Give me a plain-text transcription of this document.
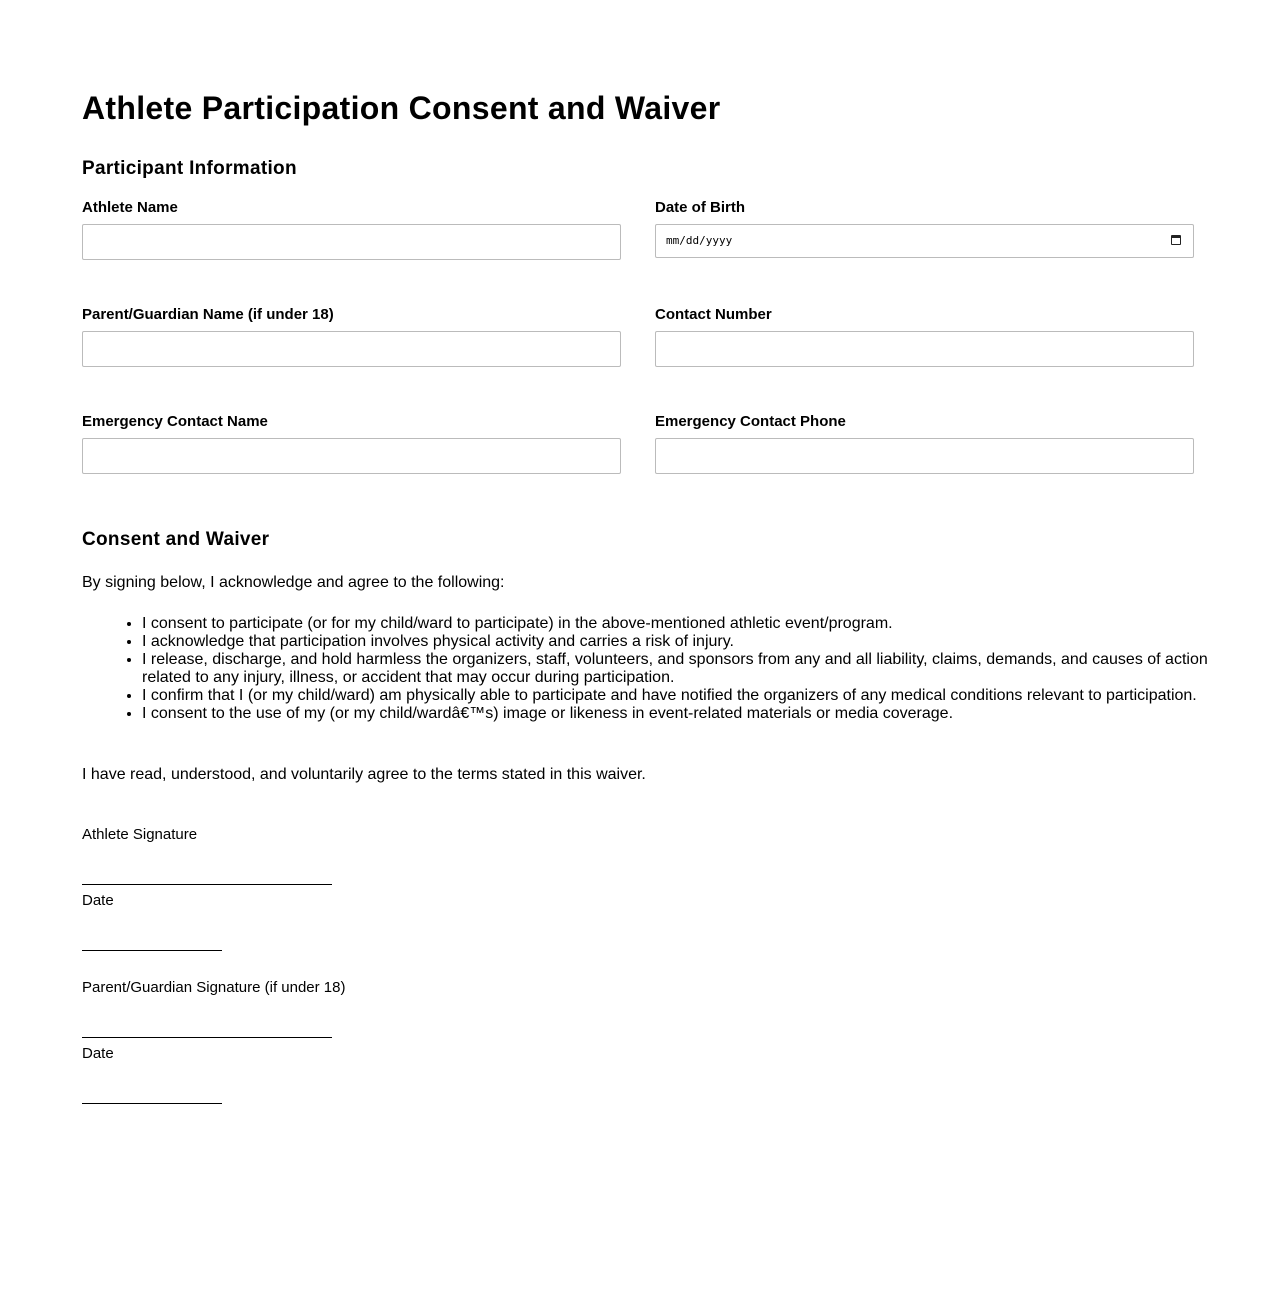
Athlete Participation Consent and Waiver
Participant Information
Athlete Name	Date of Birth
mm/dd/yyyy
Parent/Guardian Name (if under 18)	Contact Number
Emergency Contact Name	Emergency Contact Phone
Consent and Waiver

By signing below, I acknowledge and agree to the following:

• I consent to participate (or for my child/ward to participate) in the above-mentioned athletic event/program.
• I acknowledge that participation involves physical activity and carries a risk of injury.
• I release, discharge, and hold harmless the organizers, staff, volunteers, and sponsors from any and all liability, claims, demands, and causes of action related to any injury, illness, or accident that may occur during participation.
• I confirm that I (or my child/ward) am physically able to participate and have notified the organizers of any medical conditions relevant to participation.
• I consent to the use of my (or my child/wardâ€™s) image or likeness in event-related materials or media coverage.

I have read, understood, and voluntarily agree to the terms stated in this waiver.

Athlete Signature
Date
Parent/Guardian Signature (if under 18)
Date
